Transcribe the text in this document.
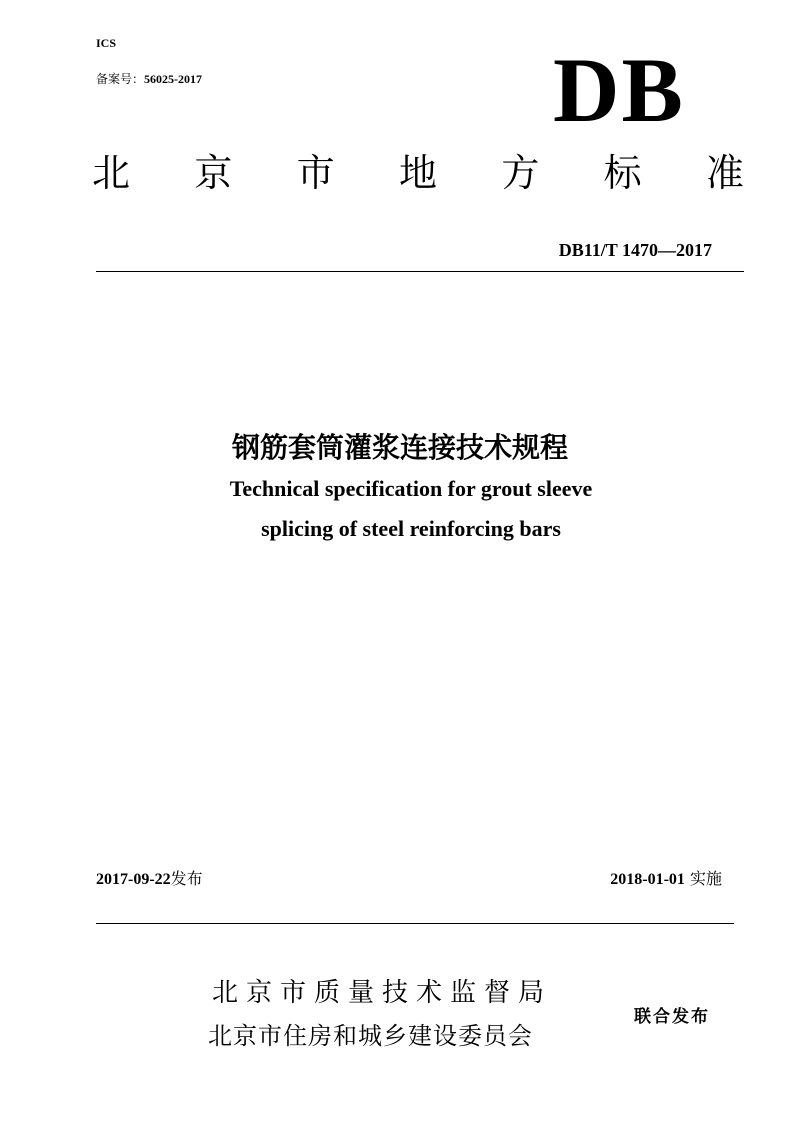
ICS
备案号：56025-2017	DB
北 京 市 地 方 标 准
DB11/T 1470—2017
钢筋套筒灌浆连接技术规程
Technical specification for grout sleeve
splicing of steel reinforcing bars
2017-09-22发布	2018-01-01 实施
北京市质量技术监督局
北京市住房和城乡建设委员会
联合发布
